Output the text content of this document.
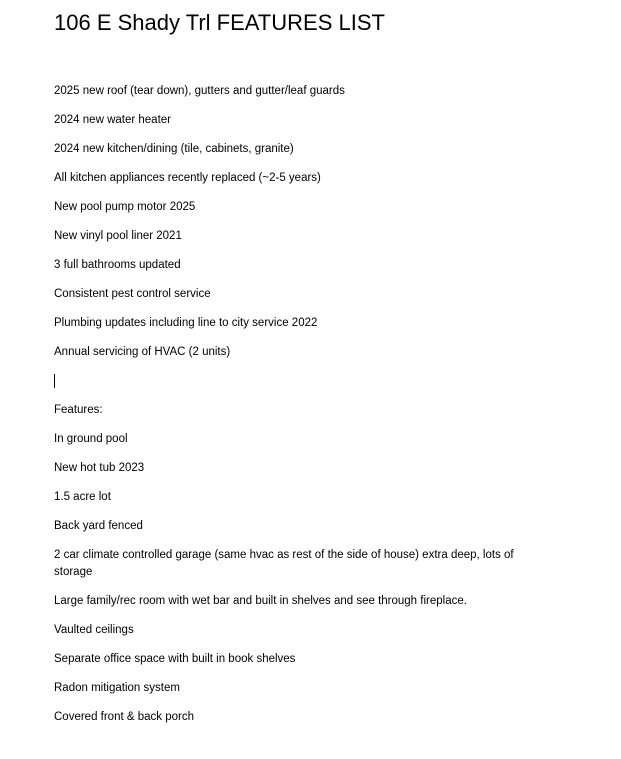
106 E Shady Trl FEATURES LIST

2025 new roof (tear down), gutters and gutter/leaf guards

2024 new water heater

2024 new kitchen/dining (tile, cabinets, granite)

All kitchen appliances recently replaced (~2-5 years)

New pool pump motor 2025

New vinyl pool liner 2021

3 full bathrooms updated

Consistent pest control service

Plumbing updates including line to city service 2022

Annual servicing of HVAC (2 units)

Features:

In ground pool

New hot tub 2023

1.5 acre lot

Back yard fenced

2 car climate controlled garage (same hvac as rest of the side of house) extra deep, lots of storage

Large family/rec room with wet bar and built in shelves and see through fireplace.

Vaulted ceilings

Separate office space with built in book shelves

Radon mitigation system

Covered front & back porch
